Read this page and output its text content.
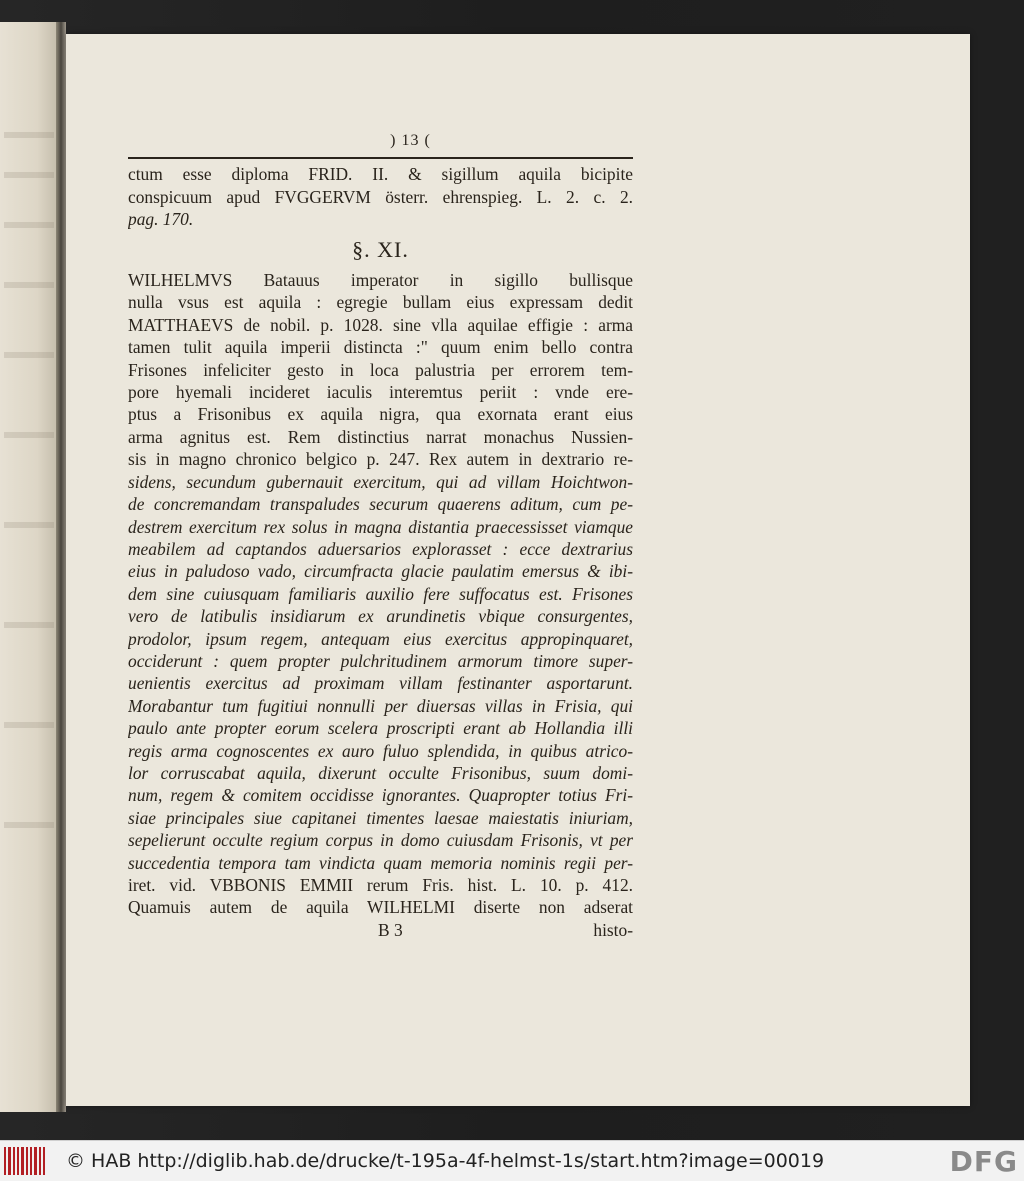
) 13 (
ctum esse diploma FRID. II. & sigillum aquila bicipite
conspicuum apud FVGGERVM österr. ehrenspieg. L. 2. c. 2.
pag. 170.
§. XI.
WILHELMVS Batauus imperator in sigillo bullisque
nulla vsus est aquila : egregie bullam eius expressam dedit
MATTHAEVS de nobil. p. 1028. sine vlla aquilae effigie : arma
tamen tulit aquila imperii distincta :" quum enim bello contra
Frisones infeliciter gesto in loca palustria per errorem tem-
pore hyemali incideret iaculis interemtus periit : vnde ere-
ptus a Frisonibus ex aquila nigra, qua exornata erant eius
arma agnitus est. Rem distinctius narrat monachus Nussien-
sis in magno chronico belgico p. 247. Rex autem in dextrario re-
sidens, secundum gubernauit exercitum, qui ad villam Hoichtwon-
de concremandam transpaludes securum quaerens aditum, cum pe-
destrem exercitum rex solus in magna distantia praecessisset viamque
meabilem ad captandos aduersarios explorasset : ecce dextrarius
eius in paludoso vado, circumfracta glacie paulatim emersus & ibi-
dem sine cuiusquam familiaris auxilio fere suffocatus est. Frisones
vero de latibulis insidiarum ex arundinetis vbique consurgentes,
prodolor, ipsum regem, antequam eius exercitus appropinquaret,
occiderunt : quem propter pulchritudinem armorum timore super-
uenientis exercitus ad proximam villam festinanter asportarunt.
Morabantur tum fugitiui nonnulli per diuersas villas in Frisia, qui
paulo ante propter eorum scelera proscripti erant ab Hollandia illi
regis arma cognoscentes ex auro fuluo splendida, in quibus atrico-
lor corruscabat aquila, dixerunt occulte Frisonibus, suum domi-
num, regem & comitem occidisse ignorantes. Quapropter totius Fri-
siae principales siue capitanei timentes laesae maiestatis iniuriam,
sepelierunt occulte regium corpus in domo cuiusdam Frisonis, vt per
succedentia tempora tam vindicta quam memoria nominis regii per-
iret. vid. VBBONIS EMMII rerum Fris. hist. L. 10. p. 412.
Quamuis autem de aquila WILHELMI diserte non adserat
B 3	histo-
© HAB http://diglib.hab.de/drucke/t-195a-4f-helmst-1s/start.htm?image=00019	DFG
